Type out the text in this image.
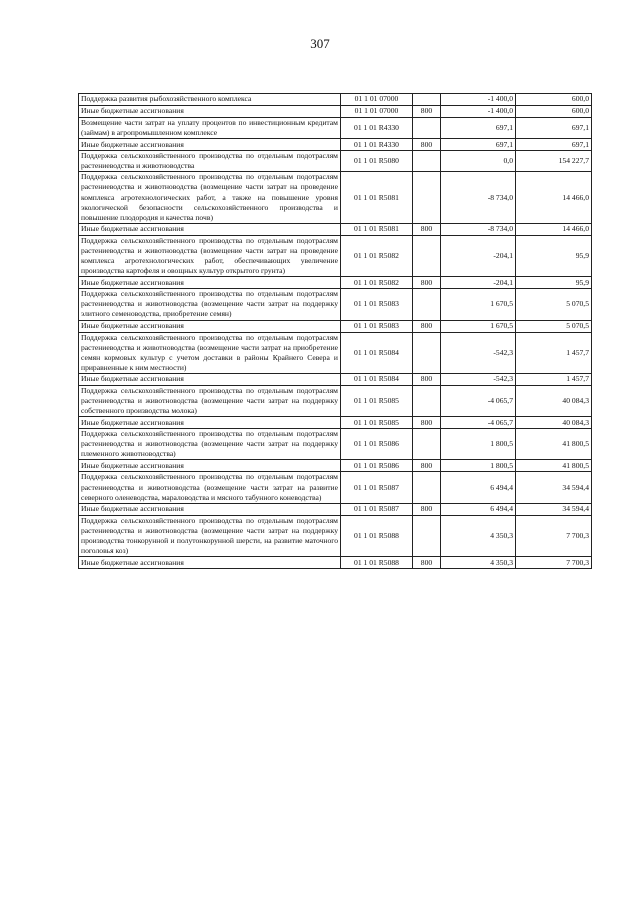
307
Поддержка развития рыбохозяйственного комплекса	01 1 01 07000		-1 400,0	600,0
Иные бюджетные ассигнования	01 1 01 07000	800	-1 400,0	600,0
Возмещение части затрат на уплату процентов по инвестиционным кредитам (займам) в агропромышленном комплексе	01 1 01 R4330		697,1	697,1
Иные бюджетные ассигнования	01 1 01 R4330	800	697,1	697,1
Поддержка сельскохозяйственного производства по отдельным подотраслям растениеводства и животноводства	01 1 01 R5080		0,0	154 227,7
Поддержка сельскохозяйственного производства по отдельным подотраслям растениеводства и животноводства (возмещение части затрат на проведение комплекса агротехнологических работ, а также на повышение уровня экологической безопасности сельскохозяйственного производства и повышение плодородия и качества почв)	01 1 01 R5081		-8 734,0	14 466,0
Иные бюджетные ассигнования	01 1 01 R5081	800	-8 734,0	14 466,0
Поддержка сельскохозяйственного производства по отдельным подотраслям растениеводства и животноводства (возмещение части затрат на проведение комплекса агротехнологических работ, обеспечивающих увеличение производства картофеля и овощных культур открытого грунта)	01 1 01 R5082		-204,1	95,9
Иные бюджетные ассигнования	01 1 01 R5082	800	-204,1	95,9
Поддержка сельскохозяйственного производства по отдельным подотраслям растениеводства и животноводства (возмещение части затрат на поддержку элитного семеноводства, приобретение семян)	01 1 01 R5083		1 670,5	5 070,5
Иные бюджетные ассигнования	01 1 01 R5083	800	1 670,5	5 070,5
Поддержка сельскохозяйственного производства по отдельным подотраслям растениеводства и животноводства (возмещение части затрат на приобретение семян кормовых культур с учетом доставки в районы Крайнего Севера и приравненные к ним местности)	01 1 01 R5084		-542,3	1 457,7
Иные бюджетные ассигнования	01 1 01 R5084	800	-542,3	1 457,7
Поддержка сельскохозяйственного производства по отдельным подотраслям растениеводства и животноводства (возмещение части затрат на поддержку собственного производства молока)	01 1 01 R5085		-4 065,7	40 084,3
Иные бюджетные ассигнования	01 1 01 R5085	800	-4 065,7	40 084,3
Поддержка сельскохозяйственного производства по отдельным подотраслям растениеводства и животноводства (возмещение части затрат на поддержку племенного животноводства)	01 1 01 R5086		1 800,5	41 800,5
Иные бюджетные ассигнования	01 1 01 R5086	800	1 800,5	41 800,5
Поддержка сельскохозяйственного производства по отдельным подотраслям растениеводства и животноводства (возмещение части затрат на развитие северного оленеводства, мараловодства и мясного табунного коневодства)	01 1 01 R5087		6 494,4	34 594,4
Иные бюджетные ассигнования	01 1 01 R5087	800	6 494,4	34 594,4
Поддержка сельскохозяйственного производства по отдельным подотраслям растениеводства и животноводства (возмещение части затрат на поддержку производства тонкорунной и полутонкорунной шерсти, на развитие маточного поголовья коз)	01 1 01 R5088		4 350,3	7 700,3
Иные бюджетные ассигнования	01 1 01 R5088	800	4 350,3	7 700,3
